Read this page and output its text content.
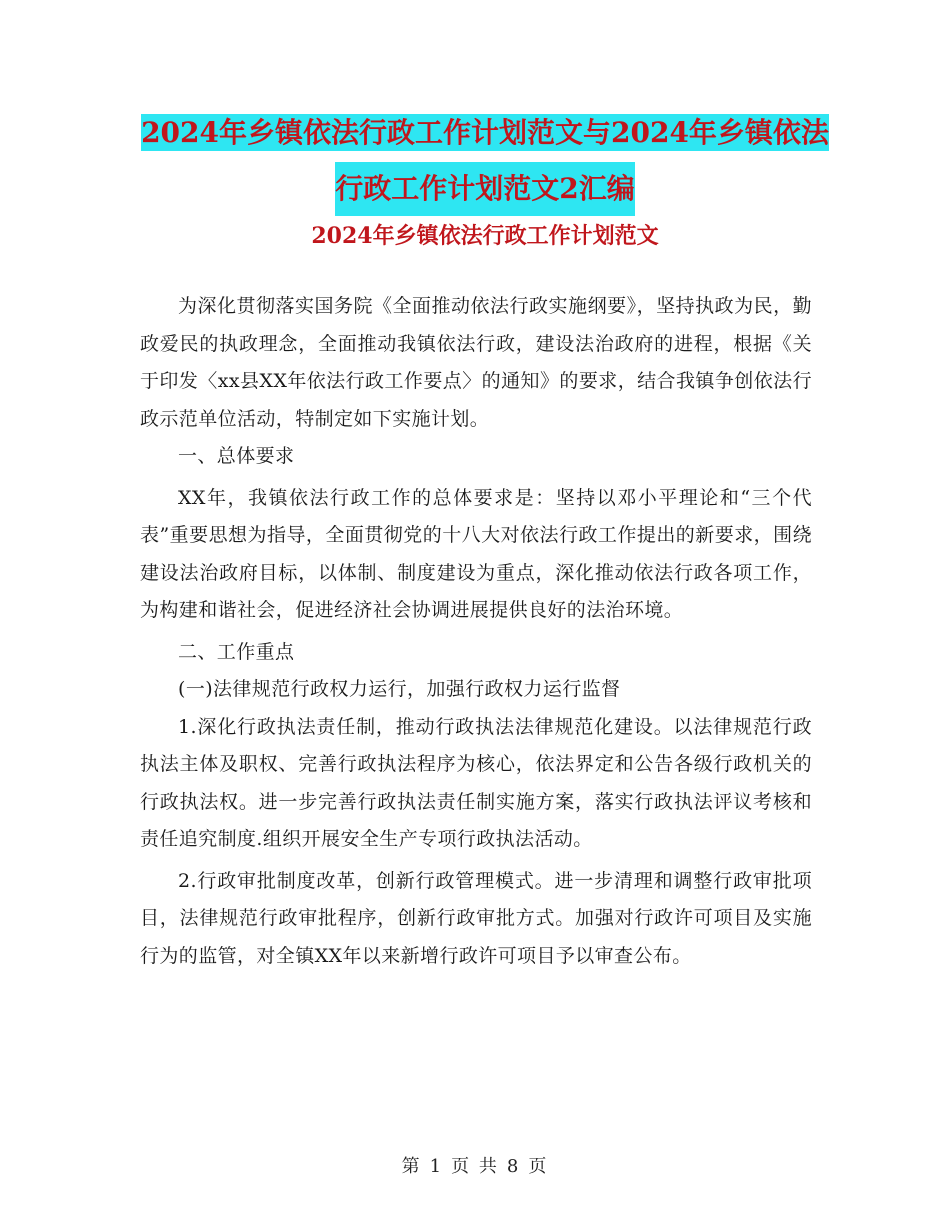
2024年乡镇依法行政工作计划范文与2024年乡镇依法
行政工作计划范文2汇编
2024年乡镇依法行政工作计划范文

为深化贯彻落实国务院《全面推动依法行政实施纲要》，坚持执政为民，勤政爱民的执政理念，全面推动我镇依法行政，建设法治政府的进程，根据《关于印发〈xx县XX年依法行政工作要点〉的通知》的要求，结合我镇争创依法行政示范单位活动，特制定如下实施计划。

一、总体要求

XX年，我镇依法行政工作的总体要求是：坚持以邓小平理论和“三个代表”重要思想为指导，全面贯彻党的十八大对依法行政工作提出的新要求，围绕建设法治政府目标，以体制、制度建设为重点，深化推动依法行政各项工作，为构建和谐社会，促进经济社会协调进展提供良好的法治环境。

二、工作重点

(一)法律规范行政权力运行，加强行政权力运行监督

1.深化行政执法责任制，推动行政执法法律规范化建设。以法律规范行政执法主体及职权、完善行政执法程序为核心，依法界定和公告各级行政机关的行政执法权。进一步完善行政执法责任制实施方案，落实行政执法评议考核和责任追究制度.组织开展安全生产专项行政执法活动。

2.行政审批制度改革，创新行政管理模式。进一步清理和调整行政审批项目，法律规范行政审批程序，创新行政审批方式。加强对行政许可项目及实施行为的监管，对全镇XX年以来新增行政许可项目予以审查公布。

第 1 页 共 8 页
